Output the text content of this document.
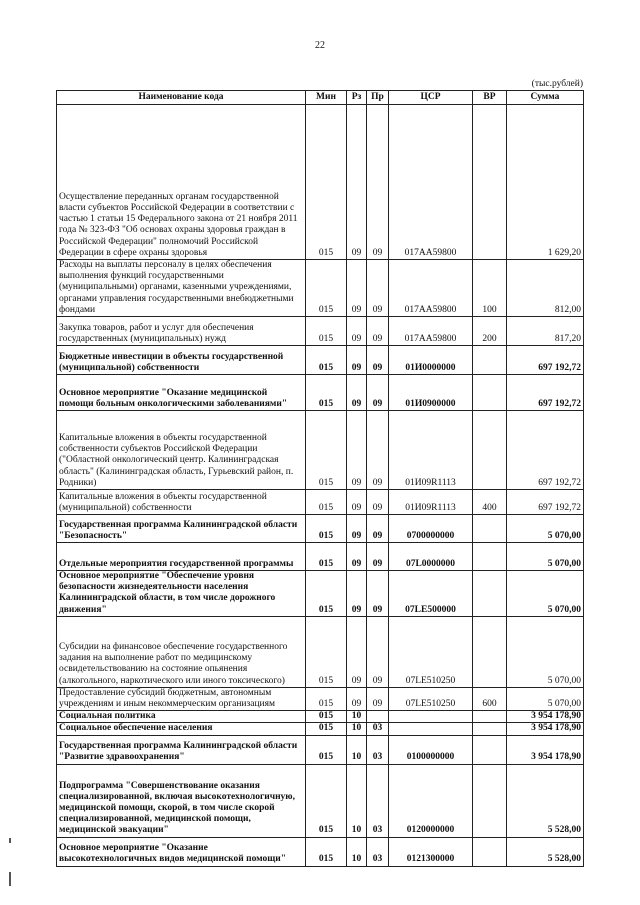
22
(тыс.рублей)
Наименование кода	Мин	Рз	Пр	ЦСР	ВР	Сумма
Осуществление переданных органам государственной власти субъектов Российской Федерации в соответствии с частью 1 статьи 15 Федерального закона от 21 ноября 2011 года № 323-ФЗ "Об основах охраны здоровья граждан в Российской Федерации" полномочий Российской Федерации в сфере охраны здоровья	015	09	09	017АА59800		1 629,20
Расходы на выплаты персоналу в целях обеспечения выполнения функций государственными (муниципальными) органами, казенными учреждениями, органами управления государственными внебюджетными фондами	015	09	09	017АА59800	100	812,00
Закупка товаров, работ и услуг для обеспечения государственных (муниципальных) нужд	015	09	09	017АА59800	200	817,20
Бюджетные инвестиции в объекты государственной (муниципальной) собственности	015	09	09	01И0000000		697 192,72
Основное мероприятие "Оказание медицинской помощи больным онкологическими заболеваниями"	015	09	09	01И0900000		697 192,72
Капитальные вложения в объекты государственной собственности субъектов Российской Федерации ("Областной онкологический центр. Калининградская область" (Калининградская область, Гурьевский район, п. Родники)	015	09	09	01И09R1113		697 192,72
Капитальные вложения в объекты государственной (муниципальной) собственности	015	09	09	01И09R1113	400	697 192,72
Государственная программа Калининградской области "Безопасность"	015	09	09	0700000000		5 070,00
Отдельные мероприятия государственной программы	015	09	09	07L0000000		5 070,00
Основное мероприятие "Обеспечение уровня безопасности жизнедеятельности населения Калининградской области, в том числе дорожного движения"	015	09	09	07LE500000		5 070,00
Субсидии на финансовое обеспечение государственного задания на выполнение работ по медицинскому освидетельствованию на состояние опьянения (алкогольного, наркотического или иного токсического)	015	09	09	07LE510250		5 070,00
Предоставление субсидий бюджетным, автономным учреждениям и иным некоммерческим организациям	015	09	09	07LE510250	600	5 070,00
Социальная политика	015	10				3 954 178,90
Социальное обеспечение населения	015	10	03			3 954 178,90
Государственная программа Калининградской области "Развитие здравоохранения"	015	10	03	0100000000		3 954 178,90
Подпрограмма "Совершенствование оказания специализированной, включая высокотехнологичную, медицинской помощи, скорой, в том числе скорой специализированной, медицинской помощи, медицинской эвакуации"	015	10	03	0120000000		5 528,00
Основное мероприятие "Оказание высокотехнологичных видов медицинской помощи"	015	10	03	0121300000		5 528,00
